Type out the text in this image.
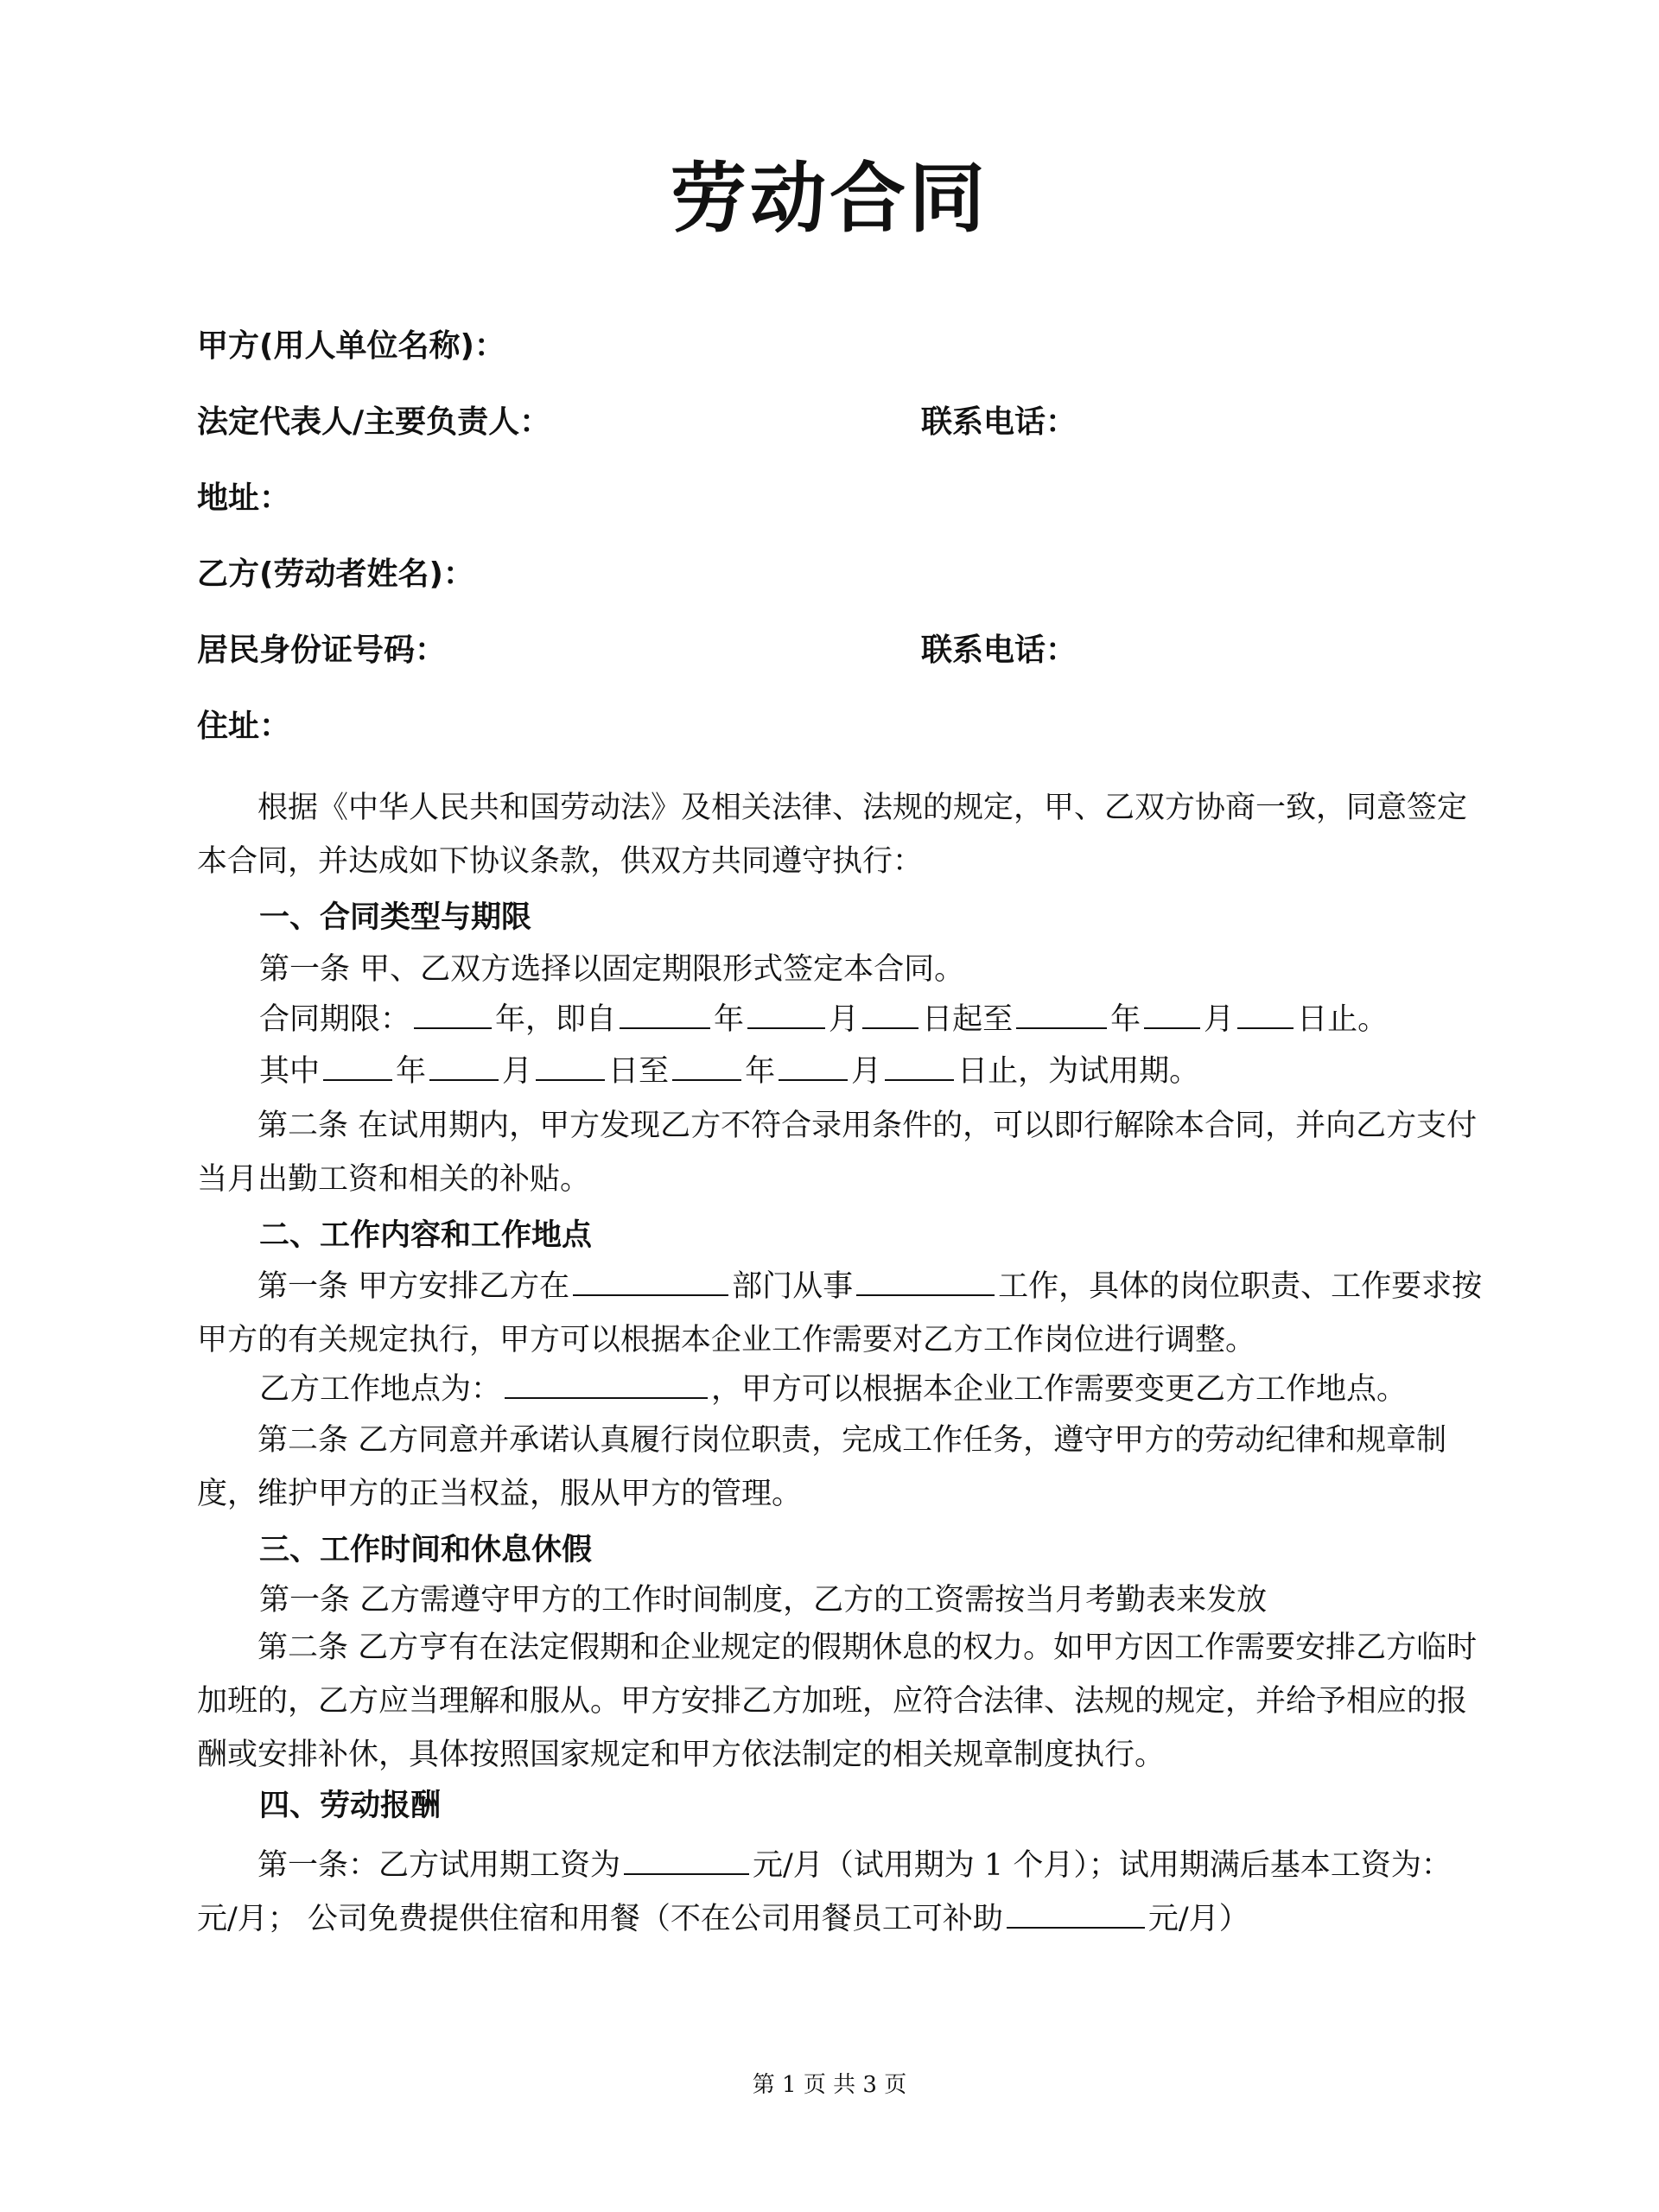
劳动合同
甲方(用人单位名称)：
法定代表人/主要负责人：	联系电话：
地址：
乙方(劳动者姓名)：
居民身份证号码：	联系电话：
住址：
根据《中华人民共和国劳动法》及相关法律、法规的规定，甲、乙双方协商一致，同意签定本合同，并达成如下协议条款，供双方共同遵守执行：
一、合同类型与期限
第一条 甲、乙双方选择以固定期限形式签定本合同。
合同期限：	年，即自	年	月 日起至	年 月 日止。
其中	年	月	日至	年	月	日止，为试用期。
第二条 在试用期内，甲方发现乙方不符合录用条件的，可以即行解除本合同，并向乙方支付当月出勤工资和相关的补贴。
二、工作内容和工作地点
第一条 甲方安排乙方在	部门从事	工作，具体的岗位职责、工作要求按甲方的有关规定执行，甲方可以根据本企业工作需要对乙方工作岗位进行调整。
乙方工作地点为：	，甲方可以根据本企业工作需要变更乙方工作地点。
第二条 乙方同意并承诺认真履行岗位职责，完成工作任务，遵守甲方的劳动纪律和规章制度，维护甲方的正当权益，服从甲方的管理。
三、工作时间和休息休假
第一条 乙方需遵守甲方的工作时间制度，乙方的工资需按当月考勤表来发放
第二条 乙方亨有在法定假期和企业规定的假期休息的权力。如甲方因工作需要安排乙方临时加班的，乙方应当理解和服从。甲方安排乙方加班，应符合法律、法规的规定，并给予相应的报酬或安排补休，具体按照国家规定和甲方依法制定的相关规章制度执行。
四、劳动报酬
第一条：乙方试用期工资为	元/月（试用期为 1 个月）；试用期满后基本工资为：元/月； 公司免费提供住宿和用餐（不在公司用餐员工可补助	元/月）
第 1 页 共 3 页
